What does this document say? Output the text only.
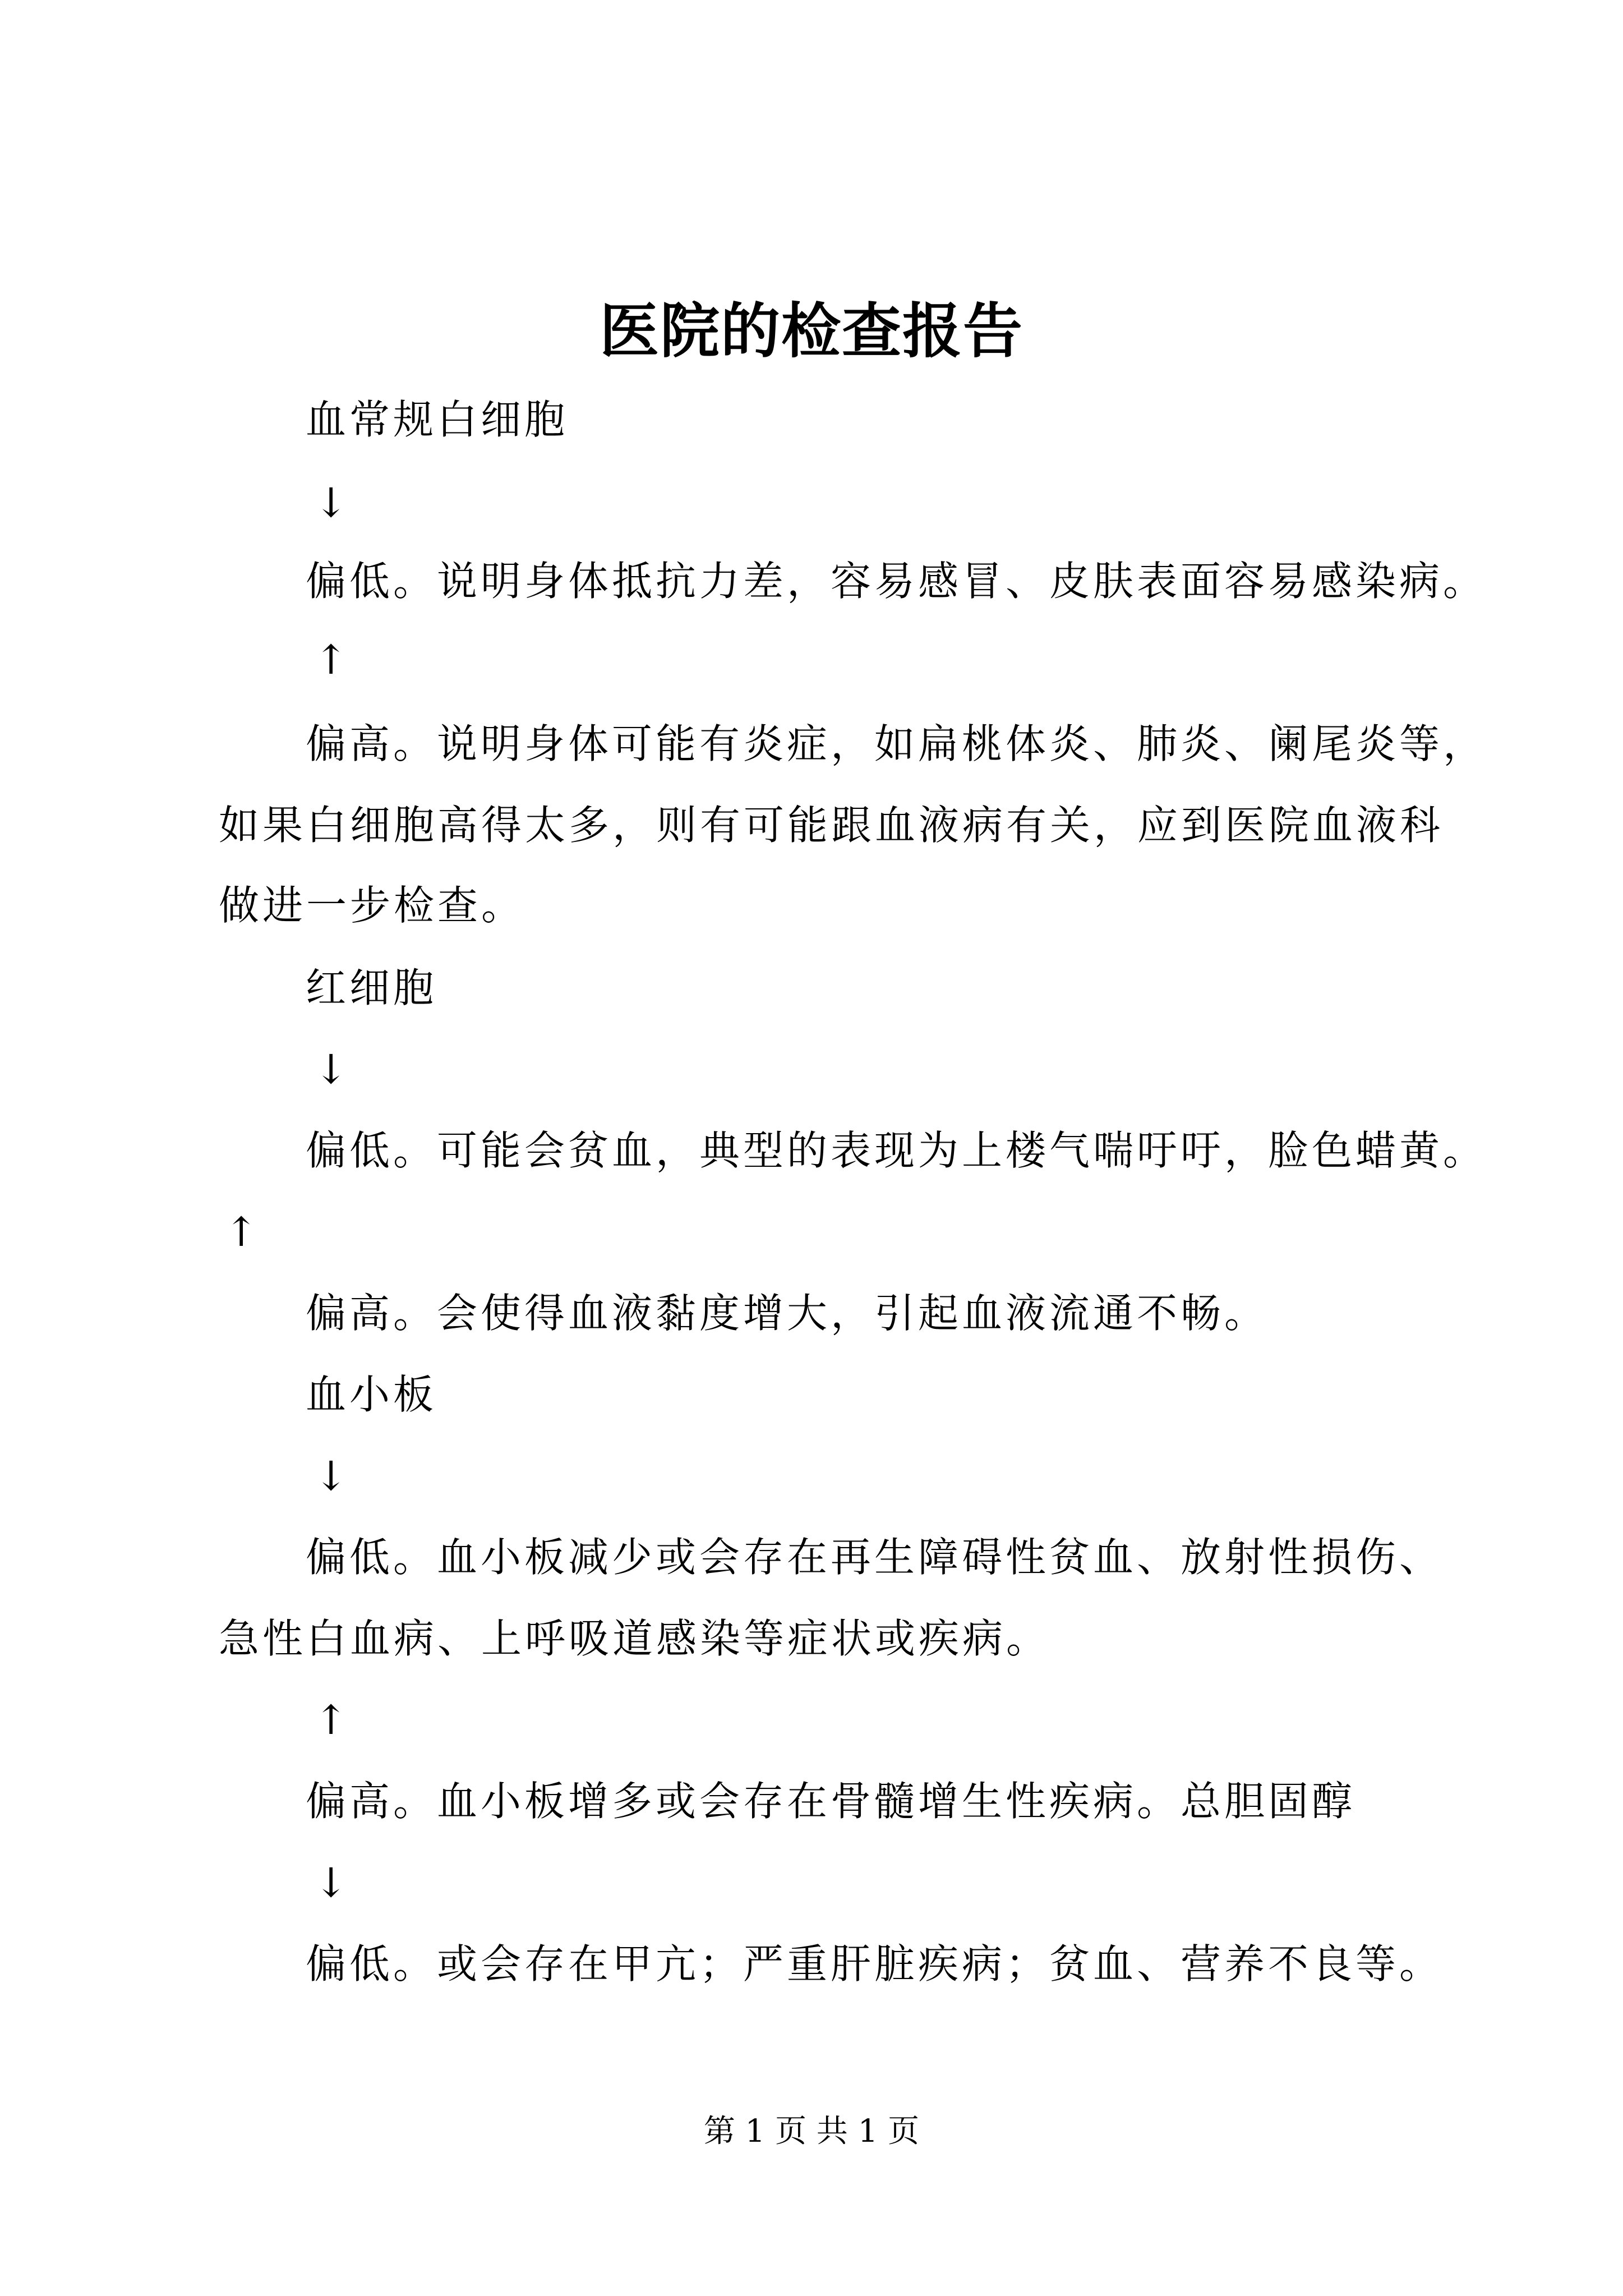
医院的检查报告
血常规白细胞
↓
偏低。说明身体抵抗力差，容易感冒、皮肤表面容易感染病。
↑
偏高。说明身体可能有炎症，如扁桃体炎、肺炎、阑尾炎等，
如果白细胞高得太多，则有可能跟血液病有关，应到医院血液科
做进一步检查。
红细胞
↓
偏低。可能会贫血，典型的表现为上楼气喘吁吁，脸色蜡黄。
↑
偏高。会使得血液黏度增大，引起血液流通不畅。
血小板
↓
偏低。血小板减少或会存在再生障碍性贫血、放射性损伤、
急性白血病、上呼吸道感染等症状或疾病。
↑
偏高。血小板增多或会存在骨髓增生性疾病。总胆固醇
↓
偏低。或会存在甲亢；严重肝脏疾病；贫血、营养不良等。
第 1 页 共 1 页
